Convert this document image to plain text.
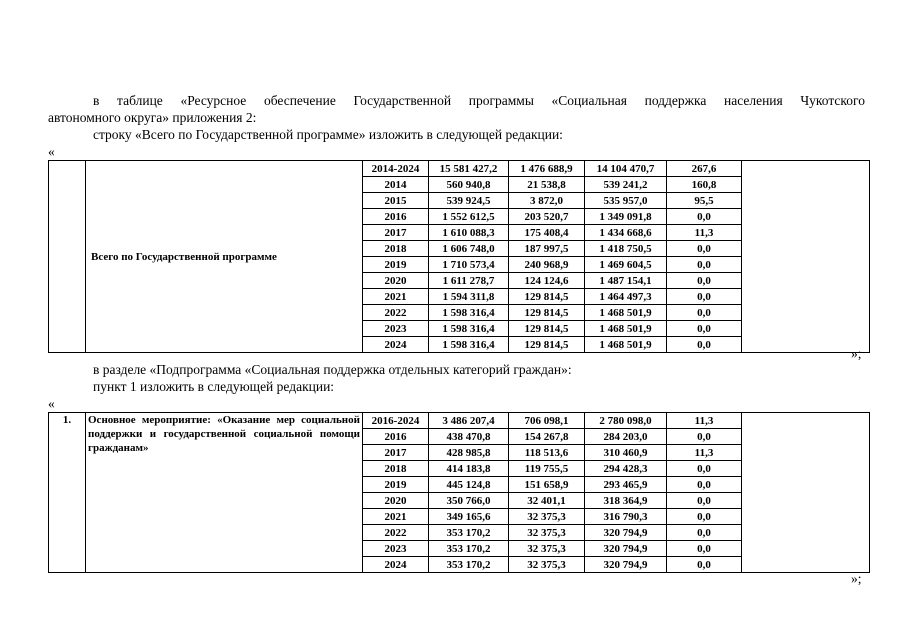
в таблице «Ресурсное обеспечение Государственной программы «Социальная поддержка населения Чукотского
автономного округа» приложения 2:
строку «Всего по Государственной программе» изложить в следующей редакции:
«
	Всего по Государственной программе	2014-2024	15 581 427,2	1 476 688,9	14 104 470,7	267,6	
		2014	560 940,8	21 538,8	539 241,2	160,8	
		2015	539 924,5	3 872,0	535 957,0	95,5	
		2016	1 552 612,5	203 520,7	1 349 091,8	0,0	
		2017	1 610 088,3	175 408,4	1 434 668,6	11,3	
		2018	1 606 748,0	187 997,5	1 418 750,5	0,0	
		2019	1 710 573,4	240 968,9	1 469 604,5	0,0	
		2020	1 611 278,7	124 124,6	1 487 154,1	0,0	
		2021	1 594 311,8	129 814,5	1 464 497,3	0,0	
		2022	1 598 316,4	129 814,5	1 468 501,9	0,0	
		2023	1 598 316,4	129 814,5	1 468 501,9	0,0	
		2024	1 598 316,4	129 814,5	1 468 501,9	0,0	
»;
в разделе «Подпрограмма «Социальная поддержка отдельных категорий граждан»:
пункт 1 изложить в следующей редакции:
«
1.	Основное мероприятие: «Оказание мер социальной поддержки и государственной социальной помощи гражданам»	2016-2024	3 486 207,4	706 098,1	2 780 098,0	11,3	
		2016	438 470,8	154 267,8	284 203,0	0,0	
		2017	428 985,8	118 513,6	310 460,9	11,3	
		2018	414 183,8	119 755,5	294 428,3	0,0	
		2019	445 124,8	151 658,9	293 465,9	0,0	
		2020	350 766,0	32 401,1	318 364,9	0,0	
		2021	349 165,6	32 375,3	316 790,3	0,0	
		2022	353 170,2	32 375,3	320 794,9	0,0	
		2023	353 170,2	32 375,3	320 794,9	0,0	
		2024	353 170,2	32 375,3	320 794,9	0,0	
»;
